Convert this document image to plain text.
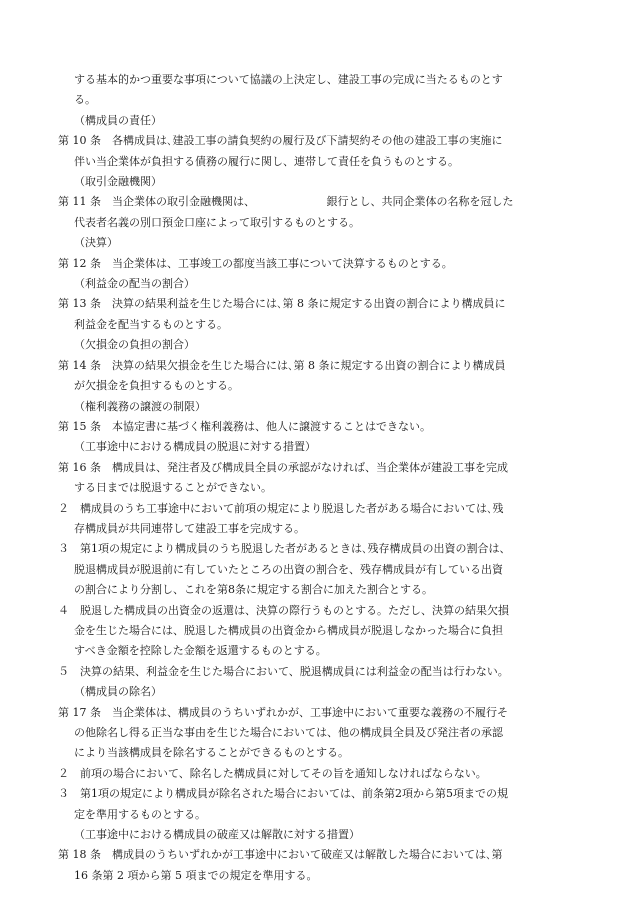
する基本的かつ重要な事項について協議の上決定し、建設工事の完成に当たるものとす
る。
（構成員の責任）
第 10 条　各構成員は､建設工事の請負契約の履行及び下請契約その他の建設工事の実施に
伴い当企業体が負担する債務の履行に関し、連帯して責任を負うものとする。
（取引金融機関）
第 11 条　当企業体の取引金融機関は、　　　　　　　銀行とし、共同企業体の名称を冠した
代表者名義の別口預金口座によって取引するものとする。
（決算）
第 12 条　当企業体は、工事竣工の都度当該工事について決算するものとする。
（利益金の配当の割合）
第 13 条　決算の結果利益を生じた場合には､第 8 条に規定する出資の割合により構成員に
利益金を配当するものとする。
（欠損金の負担の割合）
第 14 条　決算の結果欠損金を生じた場合には､第 8 条に規定する出資の割合により構成員
が欠損金を負担するものとする。
（権利義務の譲渡の制限）
第 15 条　本協定書に基づく権利義務は、他人に譲渡することはできない。
（工事途中における構成員の脱退に対する措置）
第 16 条　構成員は、発注者及び構成員全員の承認がなければ、当企業体が建設工事を完成
する日までは脱退することができない。
２　構成員のうち工事途中において前項の規定により脱退した者がある場合においては､残
存構成員が共同連帯して建設工事を完成する。
３　第1項の規定により構成員のうち脱退した者があるときは､残存構成員の出資の割合は、
脱退構成員が脱退前に有していたところの出資の割合を、残存構成員が有している出資
の割合により分割し、これを第8条に規定する割合に加えた割合とする。
４　脱退した構成員の出資金の返還は、決算の際行うものとする。ただし、決算の結果欠損
金を生じた場合には、脱退した構成員の出資金から構成員が脱退しなかった場合に負担
すべき金額を控除した金額を返還するものとする。
５　決算の結果、利益金を生じた場合において、脱退構成員には利益金の配当は行わない。
（構成員の除名）
第 17 条　当企業体は、構成員のうちいずれかが、工事途中において重要な義務の不履行そ
の他除名し得る正当な事由を生じた場合においては、他の構成員全員及び発注者の承認
により当該構成員を除名することができるものとする。
２　前項の場合において、除名した構成員に対してその旨を通知しなければならない。
３　第1項の規定により構成員が除名された場合においては、前条第2項から第5項までの規
定を準用するものとする。
（工事途中における構成員の破産又は解散に対する措置）
第 18 条　構成員のうちいずれかが工事途中において破産又は解散した場合においては､第
16 条第 2 項から第 5 項までの規定を準用する。
